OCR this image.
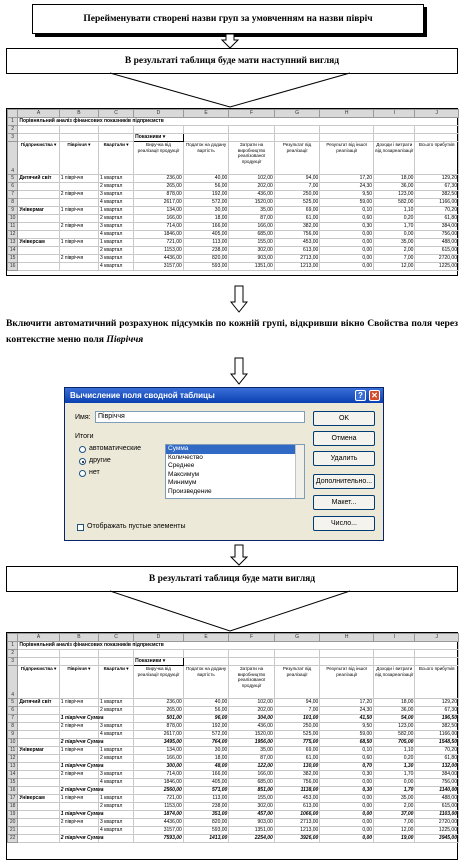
Перейменувати створені назви груп за умовченням на назви півріч
В результаті таблиця буде мати наступний вигляд
	A	B	C	D	E	F	G	H	I	J
1	Порівняльний аналіз фінансових показників підприємств									
2										
3				Показники ▾						
4	Підприємства ▾	Півріччя ▾	Квартали ▾	Виручка від реалізації продукції	Податок на додану вартість	Затрати на виробництво реалізованої продукції	Результат від реалізації	Результат від іншої реалізації	Доходи і витрати від позареалізації	Всього прибутків
5	Дитячий світ	1 півріччя	1 квартал	236,00	40,00	102,00	94,00	17,20	18,00	129,20
6			2 квартал	265,00	56,00	202,00	7,00	24,30	36,00	67,30
7		2 півріччя	3 квартал	878,00	192,00	436,00	250,00	9,50	123,00	382,50
8			4 квартал	2617,00	572,00	1520,00	525,00	59,00	582,00	1166,00
9	Універмаг	1 півріччя	1 квартал	134,00	30,00	35,00	69,00	0,10	1,10	70,20
10			2 квартал	166,00	18,00	87,00	61,00	0,60	0,20	61,80
11		2 півріччя	3 квартал	714,00	166,00	166,00	382,00	0,30	1,70	384,00
12			4 квартал	1846,00	405,00	685,00	756,00	0,00	0,00	756,00
13	Універсам	1 півріччя	1 квартал	721,00	113,00	155,00	453,00	0,00	35,00	488,00
14			2 квартал	1153,00	238,00	302,00	613,00	0,00	2,00	615,00
15		2 півріччя	3 квартал	4436,00	820,00	903,00	2713,00	0,00	7,00	2720,00
16			4 квартал	3157,00	593,00	1351,00	1213,00	0,00	12,00	1225,00
Включити автоматичний розрахунок підсумків по кожній групі, відкривши вікно Свойства поля через контекстне меню поля Півріччя
Вычисление поля сводной таблицы	?	✕
Имя:	Півріччя
Итоги
автоматические
другие
нет
Сумма
Количество
Среднее
Максимум
Минимум
Произведение
Отображать пустые элементы
OK
Отмена
Удалить
Дополнительно...
Макет...
Число...
В результаті таблиця буде мати вигляд
	A	B	C	D	E	F	G	H	I	J
1	Порівняльний аналіз фінансових показників підприємств									
2										
3				Показники ▾						
4	Підприємства ▾	Півріччя ▾	Квартали ▾	Виручка від реалізації продукції	Податок на додану вартість	Затрати на виробництво реалізованої продукції	Результат від реалізації	Результат від іншої реалізації	Доходи і витрати від позареалізації	Всього прибутків
5	Дитячий світ	1 півріччя	1 квартал	236,00	40,00	102,00	94,00	17,20	18,00	129,20
6			2 квартал	265,00	56,00	202,00	7,00	24,30	36,00	67,30
7		1 півріччя Сумма		501,00	96,00	304,00	101,00	41,50	54,00	196,50
8		2 півріччя	3 квартал	878,00	192,00	436,00	250,00	9,50	123,00	382,50
9			4 квартал	2617,00	572,00	1520,00	525,00	59,00	582,00	1166,00
10		2 півріччя Сумма		3495,00	764,00	1956,00	775,00	68,50	705,00	1548,50
11	Універмаг	1 півріччя	1 квартал	134,00	30,00	35,00	69,00	0,10	1,10	70,20
12			2 квартал	166,00	18,00	87,00	61,00	0,60	0,20	61,80
13		1 півріччя Сумма		300,00	48,00	122,00	130,00	0,70	1,30	132,00
14		2 півріччя	3 квартал	714,00	166,00	166,00	382,00	0,30	1,70	384,00
15			4 квартал	1846,00	405,00	685,00	756,00	0,00	0,00	756,00
16		2 півріччя Сумма		2560,00	571,00	851,00	1138,00	0,30	1,70	1140,00
17	Універсам	1 півріччя	1 квартал	721,00	113,00	155,00	453,00	0,00	35,00	488,00
18			2 квартал	1153,00	238,00	302,00	613,00	0,00	2,00	615,00
19		1 півріччя Сумма		1874,00	351,00	457,00	1066,00	0,00	37,00	1103,00
20		2 півріччя	3 квартал	4436,00	820,00	903,00	2713,00	0,00	7,00	2720,00
21			4 квартал	3157,00	593,00	1351,00	1213,00	0,00	12,00	1225,00
22		2 півріччя Сумма		7593,00	1413,00	2254,00	3926,00	0,00	19,00	3945,00
